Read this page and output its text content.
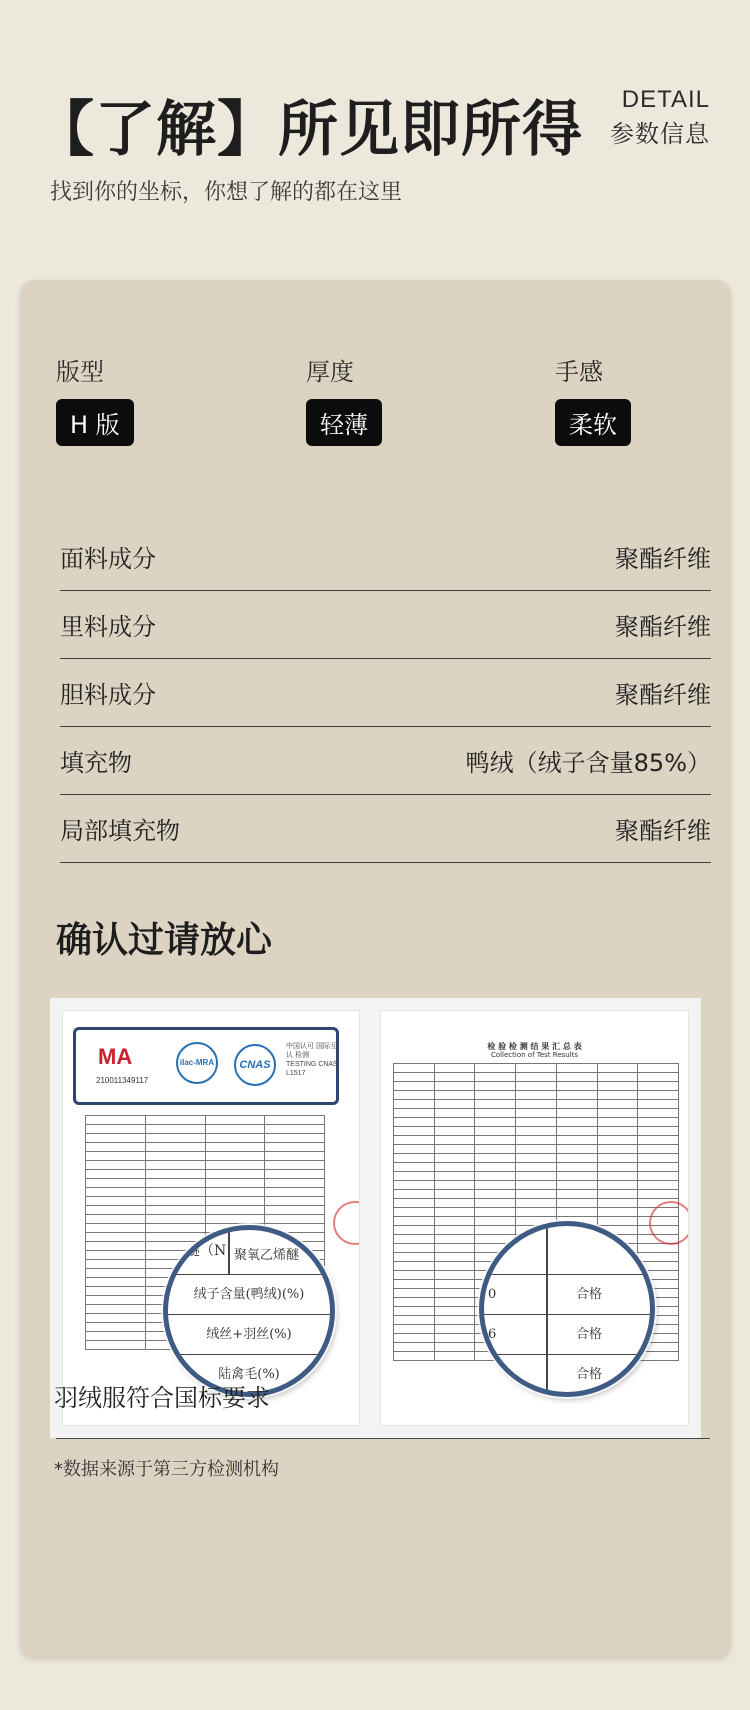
【了解】所见即所得 DETAIL
参数信息
找到你的坐标，你想了解的都在这里
版型
H 版
厚度
轻薄
手感
柔软
面料成分	聚酯纤维
里料成分	聚酯纤维
胆料成分	聚酯纤维
填充物	鸭绒（绒子含量85%）
局部填充物	聚酯纤维
确认过请放心
MA
210011349117
ilac-MRA	CNAS
中国认可 国际互认 检测 TESTING CNAS L1517

烯醚（N 聚氧乙烯醚
绒子含量(鸭绒)(%)
绒丝+羽丝(%)
陆禽毛(%)
检 验 检 测 结 果 汇 总 表
Collection of Test Results

0	合格
6	合格
合格
羽绒服符合国标要求
*数据来源于第三方检测机构
